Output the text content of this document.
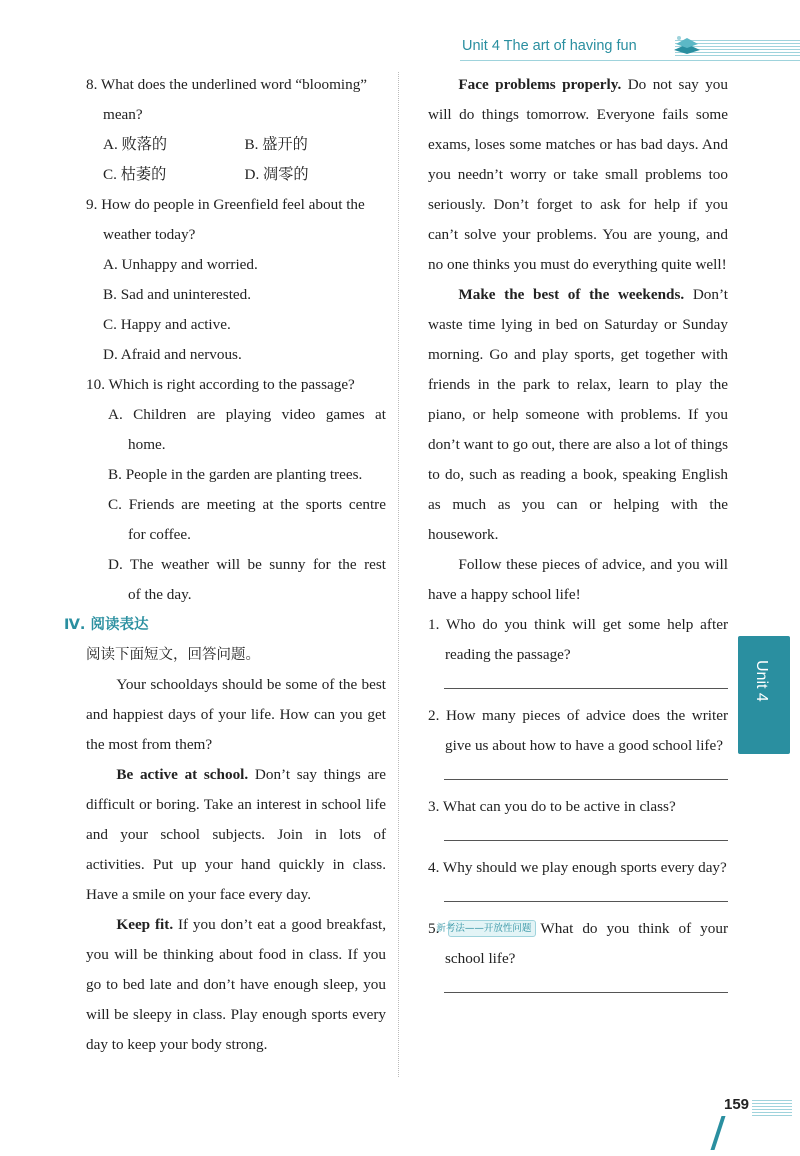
Unit 4 The art of having fun

8. What does the underlined word “blooming”

mean?

A. 败落的	B. 盛开的
C. 枯萎的	D. 凋零的

9. How do people in Greenfield feel about the

weather today?

A. Unhappy and worried.

B. Sad and uninterested.

C. Happy and active.

D. Afraid and nervous.

10. Which is right according to the passage?

A. Children are playing video games at

home.

B. People in the garden are planting trees.

C. Friends are meeting at the sports centre

for coffee.

D. The weather will be sunny for the rest

of the day.

Ⅳ. 阅读表达

阅读下面短文，回答问题。

Your schooldays should be some of the best and happiest days of your life. How can you get the most from them?

Be active at school. Don’t say things are difficult or boring. Take an interest in school life and your school subjects. Join in lots of activities. Put up your hand quickly in class. Have a smile on your face every day.

Keep fit. If you don’t eat a good breakfast, you will be thinking about food in class. If you go to bed late and don’t have enough sleep, you will be sleepy in class. Play enough sports every day to keep your body strong.

Face problems properly. Do not say you will do things tomorrow. Everyone fails some exams, loses some matches or has bad days. And you needn’t worry or take small problems too seriously. Don’t forget to ask for help if you can’t solve your problems. You are young, and no one thinks you must do everything quite well!

Make the best of the weekends. Don’t waste time lying in bed on Saturday or Sunday morning. Go and play sports, get together with friends in the park to relax, learn to play the piano, or help someone with problems. If you don’t want to go out, there are also a lot of things to do, such as reading a book, speaking English as much as you can or helping with the housework.

Follow these pieces of advice, and you will have a happy school life!

1. Who do you think will get some help after reading the passage?

2. How many pieces of advice does the writer give us about how to have a good school life?

3. What can you do to be active in class?

4. Why should we play enough sports every day?

5. 新考法——开放性问题 What do you think of your school life?

Unit 4
159
